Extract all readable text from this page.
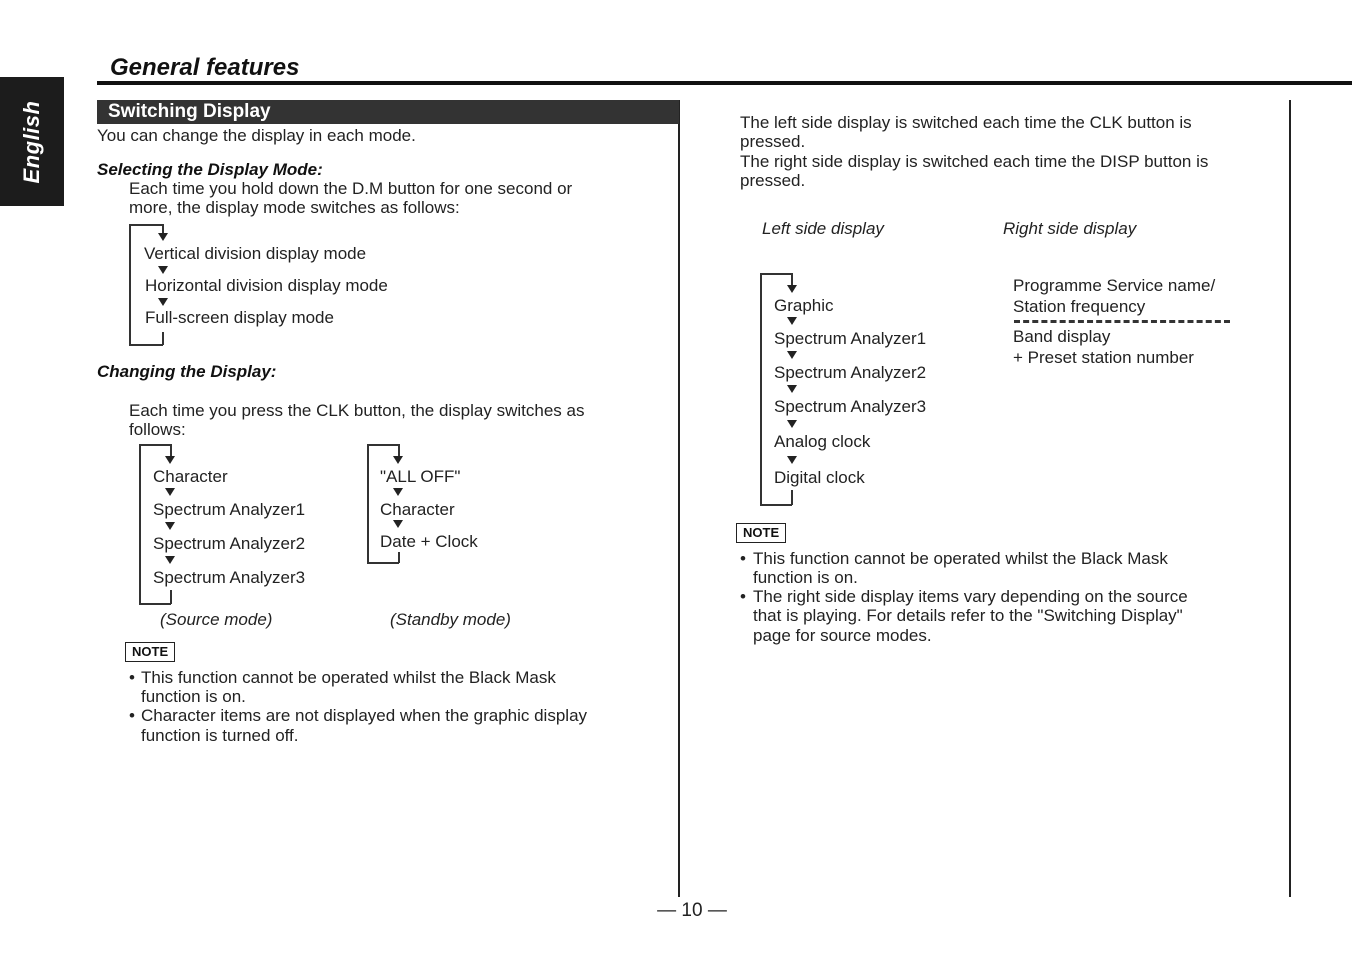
English
General features
Switching Display
You can change the display in each mode.
Selecting the Display Mode:
Each time you hold down the D.M button for one second or
more, the display mode switches as follows:
Vertical division display mode
Horizontal division display mode
Full-screen display mode
Changing the Display:
Each time you press the CLK button, the display switches as
follows:
Character
Spectrum Analyzer1
Spectrum Analyzer2
Spectrum Analyzer3
"ALL OFF"
Character
Date + Clock
(Source mode)	(Standby mode)
NOTE
• This function cannot be operated whilst the Black Mask
function is on.
• Character items are not displayed when the graphic display
function is turned off.
The left side display is switched each time the CLK button is
pressed.
The right side display is switched each time the DISP button is
pressed.
Left side display	Right side display
Graphic
Spectrum Analyzer1
Spectrum Analyzer2
Spectrum Analyzer3
Analog clock
Digital clock
Programme Service name/
Station frequency
Band display
+ Preset station number
NOTE
• This function cannot be operated whilst the Black Mask
function is on.
• The right side display items vary depending on the source
that is playing. For details refer to the "Switching Display"
page for source modes.
— 10 —
